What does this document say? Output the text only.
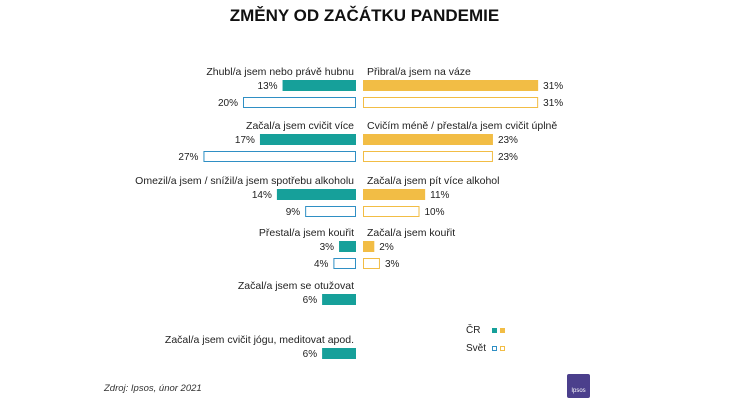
ZMĚNY OD ZAČÁTKU PANDEMIE
Zhubl/a jsem nebo právě hubnu
13%
20%
Přibral/a jsem na váze
31%
31%
Začal/a jsem cvičit více
17%
27%
Cvičím méně / přestal/a jsem cvičit úplně
23%
23%
Omezil/a jsem / snížil/a jsem spotřebu alkoholu
14%
9%
Začal/a jsem pít více alkohol
11%
10%
Přestal/a jsem kouřit
3%
4%
Začal/a jsem kouřit
2%
3%
Začal/a jsem se otužovat
6%
Začal/a jsem cvičit jógu, meditovat apod.
6%
ČR
Svět
Zdroj: Ipsos, únor 2021	Ipsos
